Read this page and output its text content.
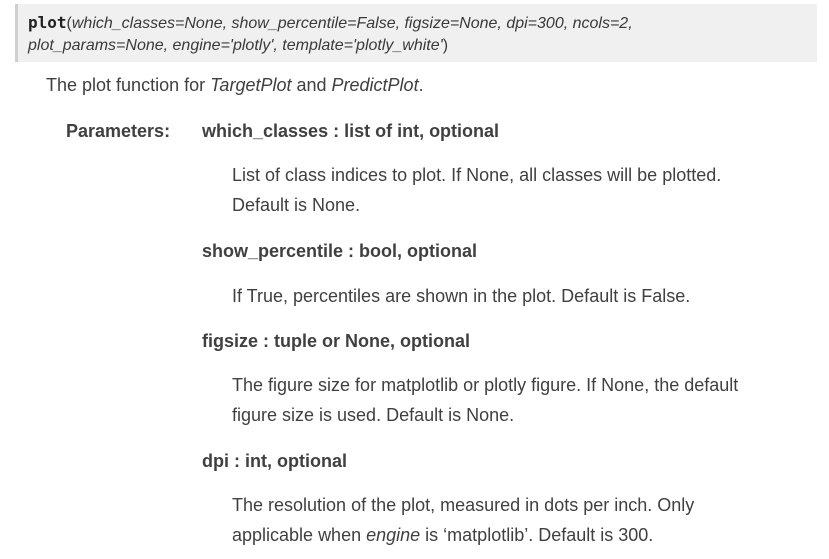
plot(which_classes=None, show_percentile=False, figsize=None, dpi=300, ncols=2,
plot_params=None, engine='plotly', template='plotly_white')
The plot function for TargetPlot and PredictPlot.
Parameters: which_classes : list of int, optional
List of class indices to plot. If None, all classes will be plotted.
Default is None.
show_percentile : bool, optional
If True, percentiles are shown in the plot. Default is False.
figsize : tuple or None, optional
The figure size for matplotlib or plotly figure. If None, the default
figure size is used. Default is None.
dpi : int, optional
The resolution of the plot, measured in dots per inch. Only
applicable when engine is ‘matplotlib’. Default is 300.
